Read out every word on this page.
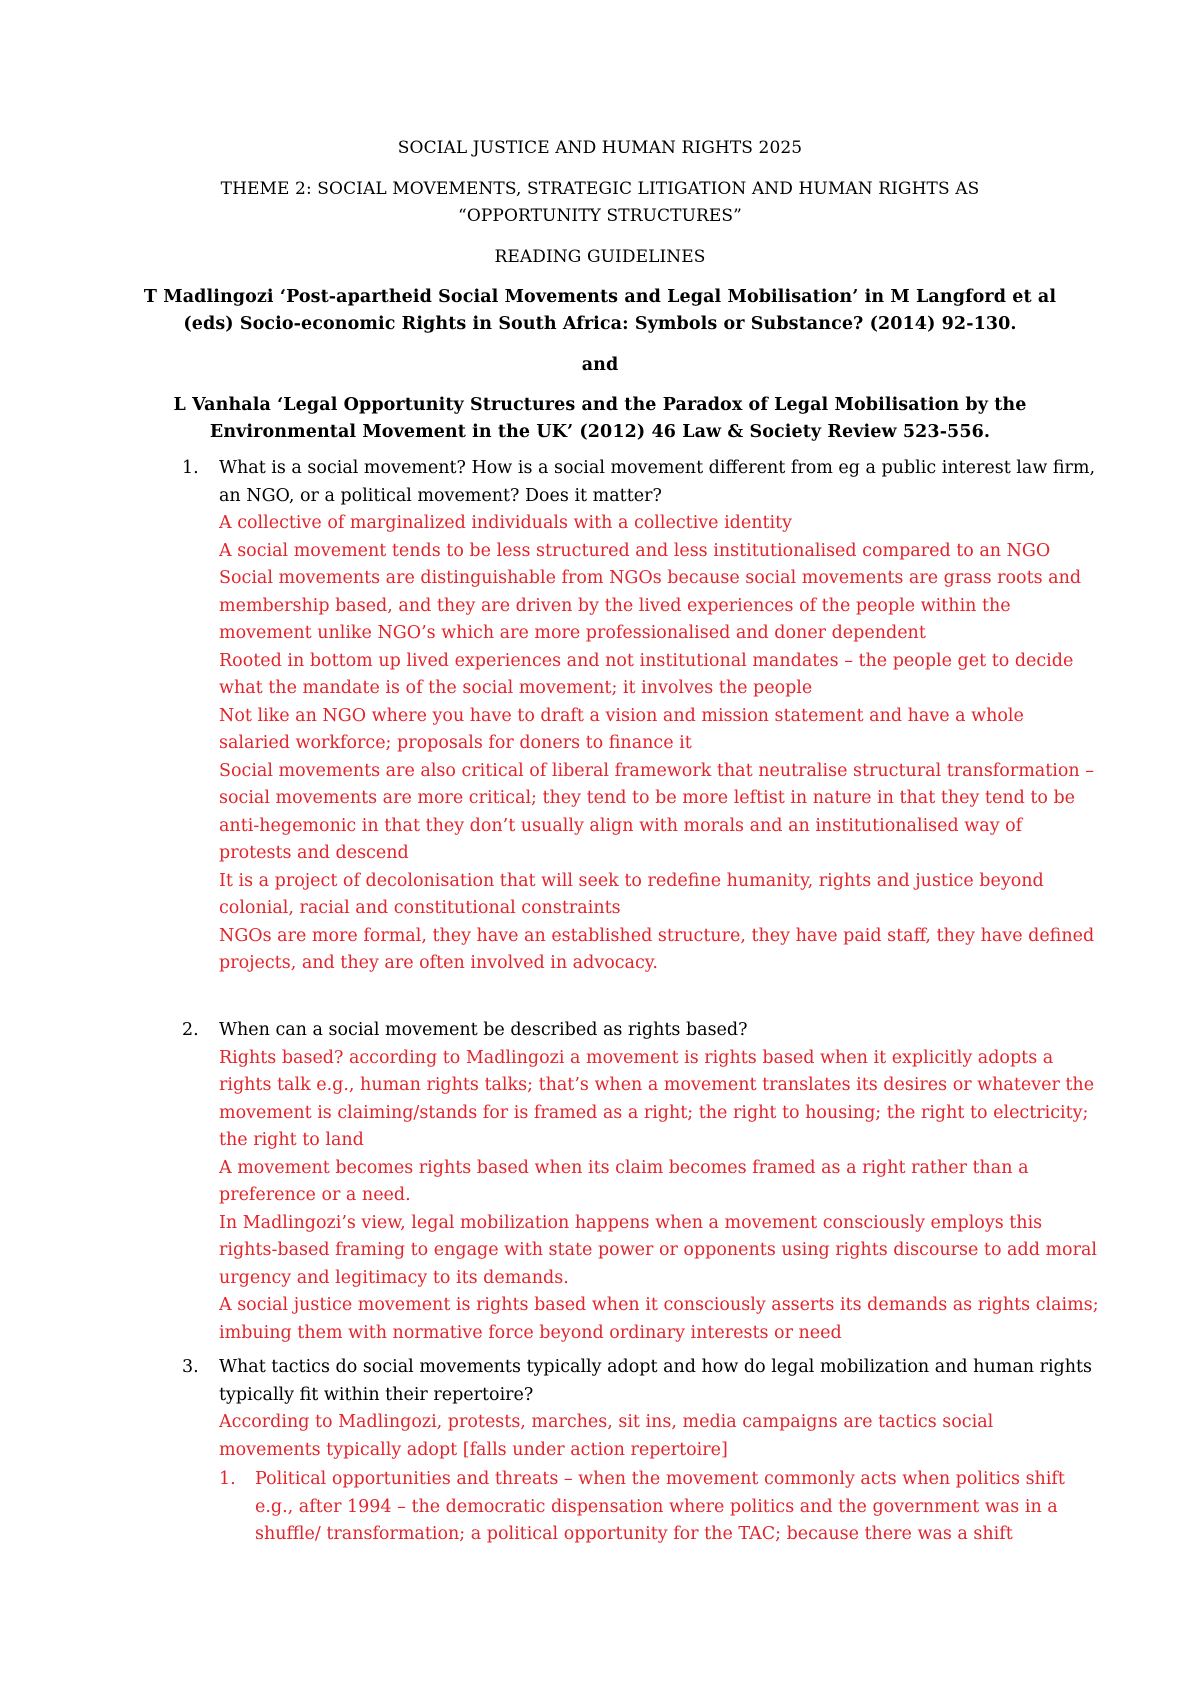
SOCIAL JUSTICE AND HUMAN RIGHTS 2025
THEME 2: SOCIAL MOVEMENTS, STRATEGIC LITIGATION AND HUMAN RIGHTS AS
“OPPORTUNITY STRUCTURES”
READING GUIDELINES
T Madlingozi ‘Post-apartheid Social Movements and Legal Mobilisation’ in M Langford et al
(eds) Socio-economic Rights in South Africa: Symbols or Substance? (2014) 92-130.
and
L Vanhala ‘Legal Opportunity Structures and the Paradox of Legal Mobilisation by the
Environmental Movement in the UK’ (2012) 46 Law & Society Review 523-556.
1. What is a social movement? How is a social movement different from eg a public interest law firm, an NGO, or a political movement? Does it matter?

A collective of marginalized individuals with a collective identity

A social movement tends to be less structured and less institutionalised compared to an NGO

Social movements are distinguishable from NGOs because social movements are grass roots and membership based, and they are driven by the lived experiences of the people within the movement unlike NGO’s which are more professionalised and doner dependent

Rooted in bottom up lived experiences and not institutional mandates – the people get to decide what the mandate is of the social movement; it involves the people

Not like an NGO where you have to draft a vision and mission statement and have a whole salaried workforce; proposals for doners to finance it

Social movements are also critical of liberal framework that neutralise structural transformation – social movements are more critical; they tend to be more leftist in nature in that they tend to be anti-hegemonic in that they don’t usually align with morals and an institutionalised way of protests and descend

It is a project of decolonisation that will seek to redefine humanity, rights and justice beyond colonial, racial and constitutional constraints

NGOs are more formal, they have an established structure, they have paid staff, they have defined projects, and they are often involved in advocacy.

2. When can a social movement be described as rights based?

Rights based? according to Madlingozi a movement is rights based when it explicitly adopts a rights talk e.g., human rights talks; that’s when a movement translates its desires or whatever the movement is claiming/stands for is framed as a right; the right to housing; the right to electricity; the right to land

A movement becomes rights based when its claim becomes framed as a right rather than a preference or a need.

In Madlingozi’s view, legal mobilization happens when a movement consciously employs this rights-based framing to engage with state power or opponents using rights discourse to add moral urgency and legitimacy to its demands.

A social justice movement is rights based when it consciously asserts its demands as rights claims; imbuing them with normative force beyond ordinary interests or need

3. What tactics do social movements typically adopt and how do legal mobilization and human rights typically fit within their repertoire?

According to Madlingozi, protests, marches, sit ins, media campaigns are tactics social movements typically adopt [falls under action repertoire]

1. Political opportunities and threats – when the movement commonly acts when politics shift e.g., after 1994 – the democratic dispensation where politics and the government was in a shuffle/ transformation; a political opportunity for the TAC; because there was a shift
